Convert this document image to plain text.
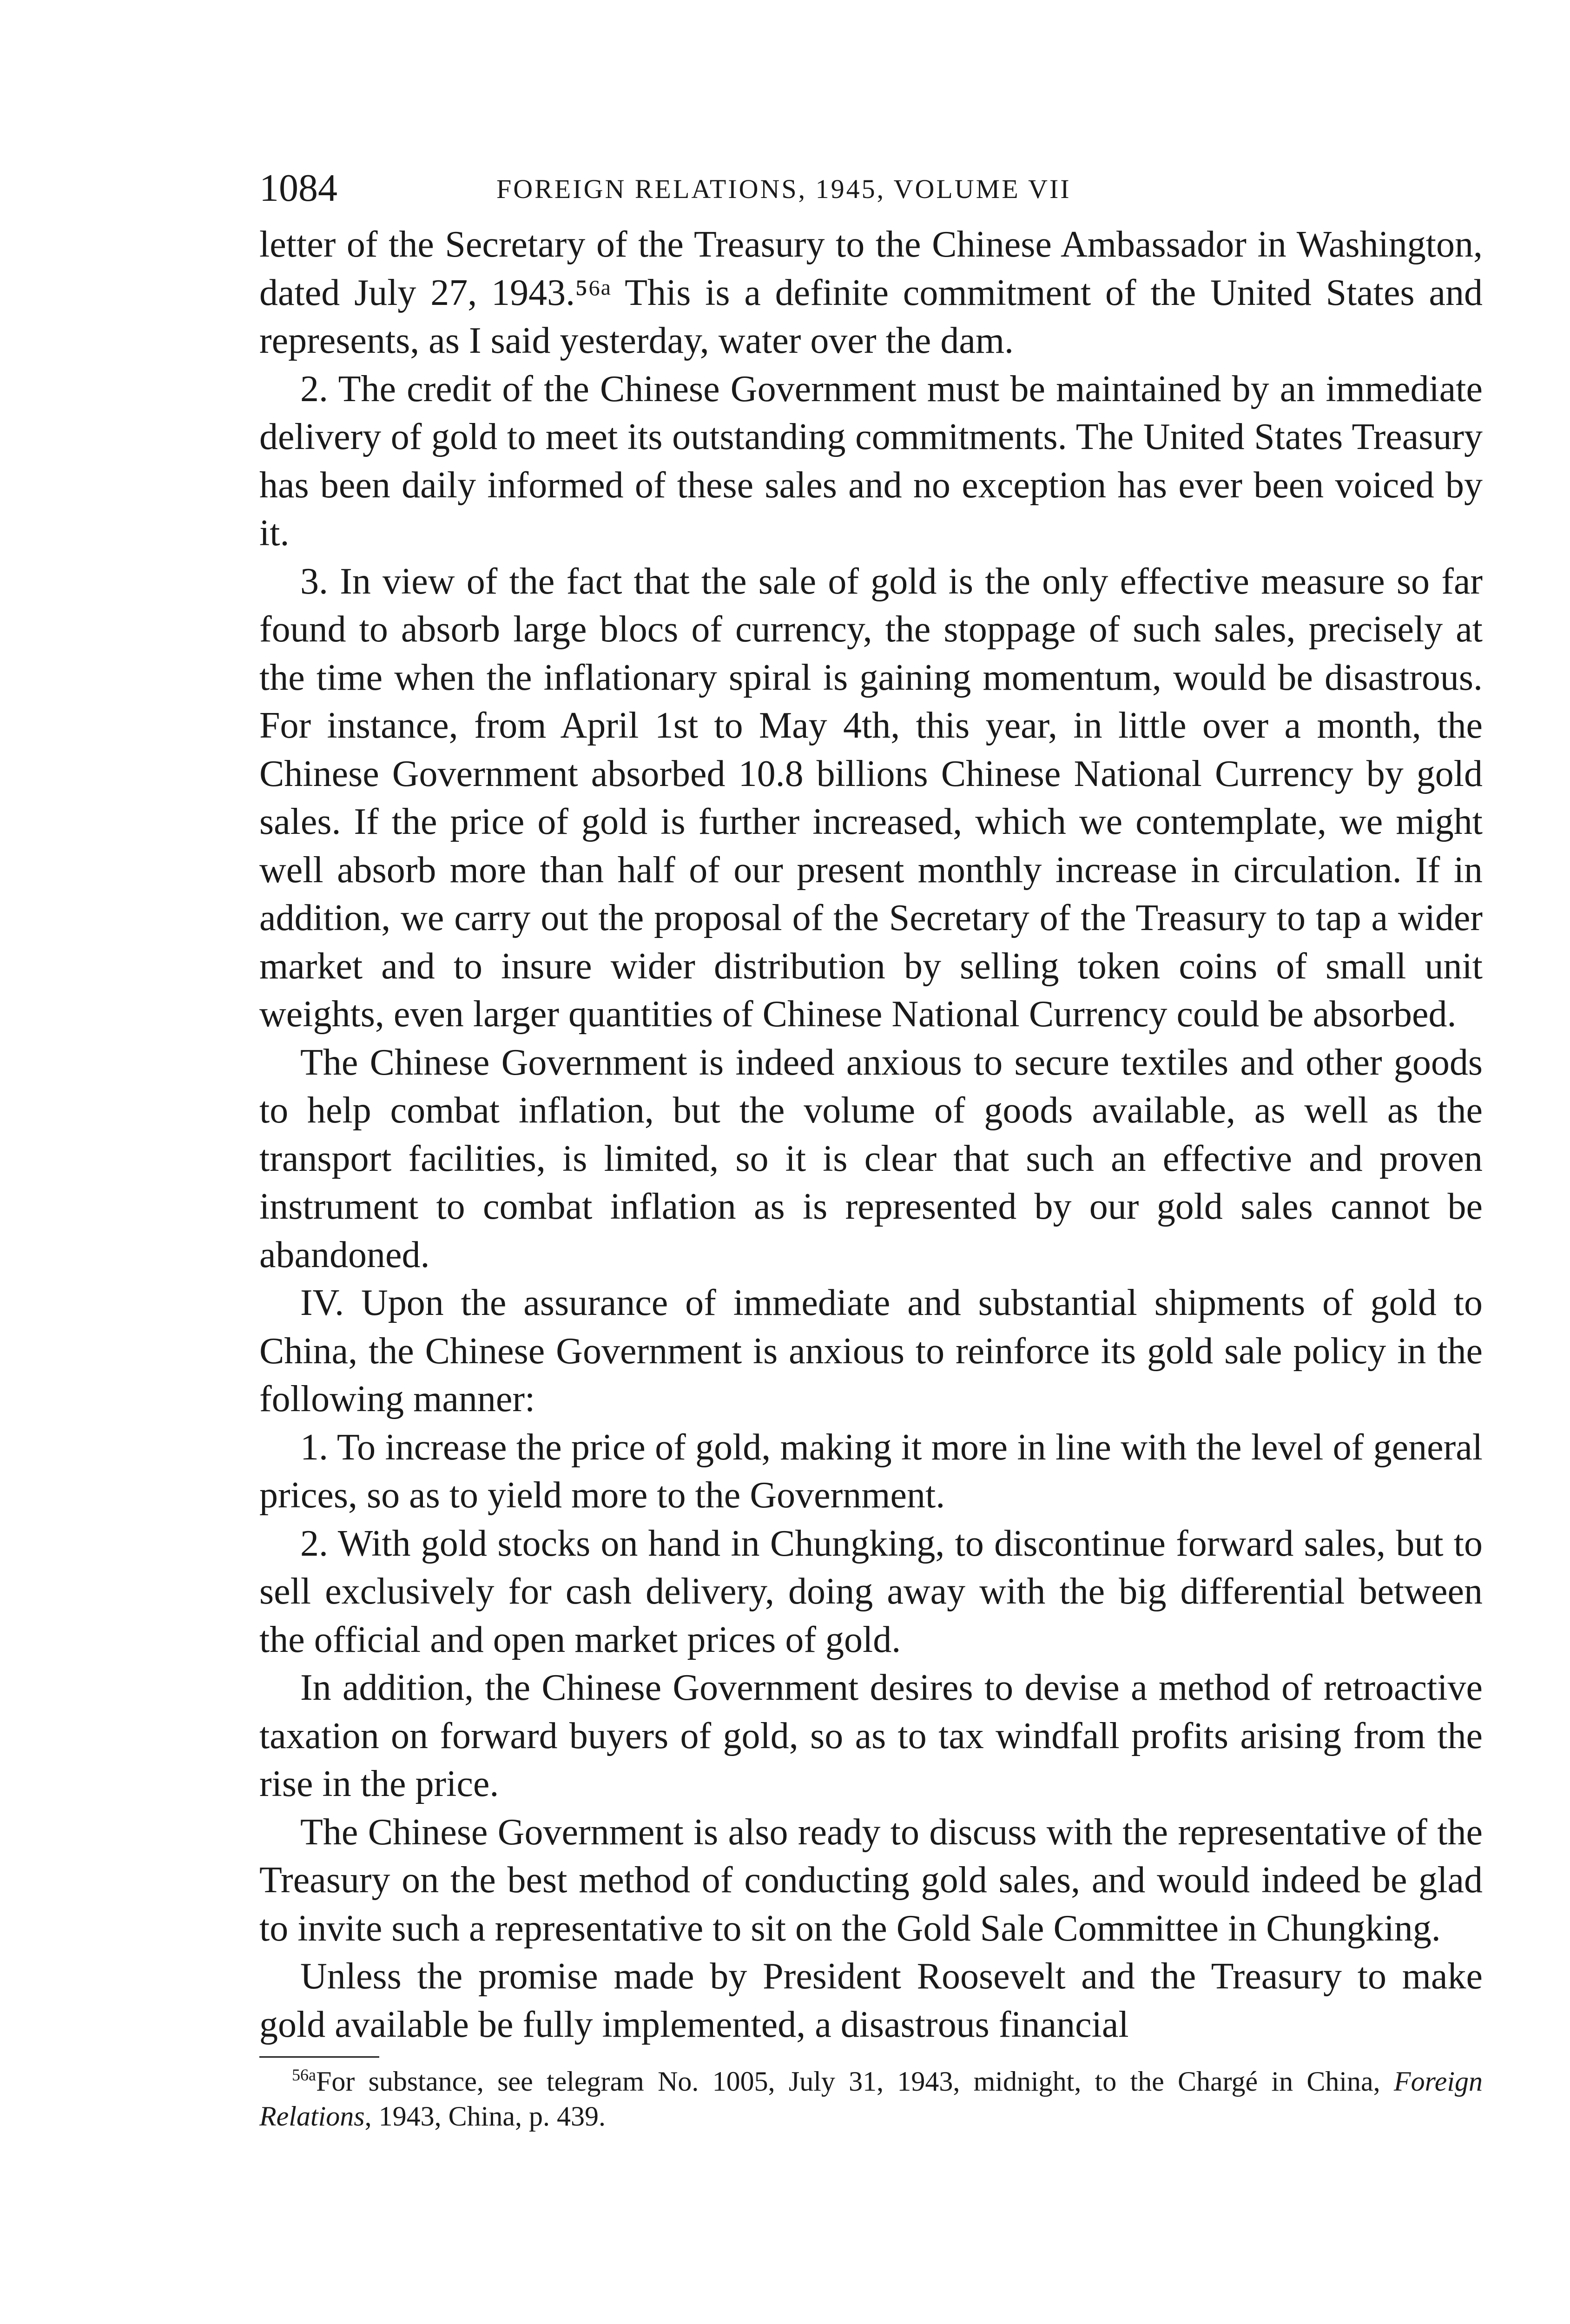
1084	FOREIGN RELATIONS, 1945, VOLUME VII

letter of the Secretary of the Treasury to the Chinese Ambassador in Washington, dated July 27, 1943.⁵⁶ᵃ This is a definite commitment of the United States and represents, as I said yesterday, water over the dam.

2. The credit of the Chinese Government must be maintained by an immediate delivery of gold to meet its outstanding commitments. The United States Treasury has been daily informed of these sales and no exception has ever been voiced by it.

3. In view of the fact that the sale of gold is the only effective measure so far found to absorb large blocs of currency, the stoppage of such sales, precisely at the time when the inflationary spiral is gaining momentum, would be disastrous. For instance, from April 1st to May 4th, this year, in little over a month, the Chinese Government absorbed 10.8 billions Chinese National Currency by gold sales. If the price of gold is further increased, which we contemplate, we might well absorb more than half of our present monthly increase in circulation. If in addition, we carry out the proposal of the Secretary of the Treasury to tap a wider market and to insure wider distribution by selling token coins of small unit weights, even larger quantities of Chinese National Currency could be absorbed.

The Chinese Government is indeed anxious to secure textiles and other goods to help combat inflation, but the volume of goods available, as well as the transport facilities, is limited, so it is clear that such an effective and proven instrument to combat inflation as is represented by our gold sales cannot be abandoned.

IV. Upon the assurance of immediate and substantial shipments of gold to China, the Chinese Government is anxious to reinforce its gold sale policy in the following manner:

1. To increase the price of gold, making it more in line with the level of general prices, so as to yield more to the Government.

2. With gold stocks on hand in Chungking, to discontinue forward sales, but to sell exclusively for cash delivery, doing away with the big differential between the official and open market prices of gold.

In addition, the Chinese Government desires to devise a method of retroactive taxation on forward buyers of gold, so as to tax windfall profits arising from the rise in the price.

The Chinese Government is also ready to discuss with the representative of the Treasury on the best method of conducting gold sales, and would indeed be glad to invite such a representative to sit on the Gold Sale Committee in Chungking.

Unless the promise made by President Roosevelt and the Treasury to make gold available be fully implemented, a disastrous financial

$^{56a}$For substance, see telegram No. 1005, July 31, 1943, midnight, to the Chargé in China, Foreign Relations, 1943, China, p. 439.
